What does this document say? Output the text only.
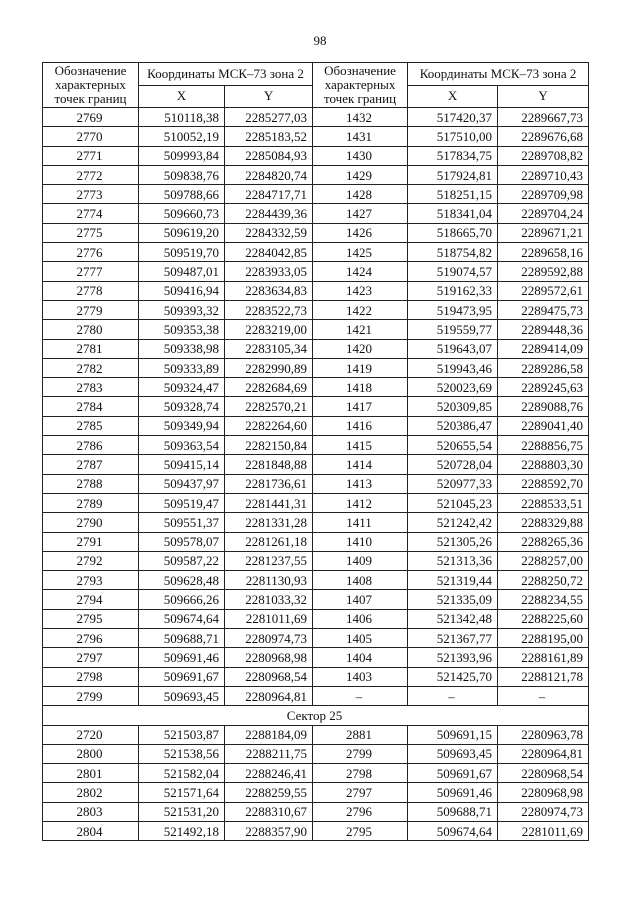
98
Обозначение характерных точек границ	Координаты МСК–73 зона 2		Обозначение характерных точек границ	Координаты МСК–73 зона 2	
	X	Y		X	Y
2769	510118,38	2285277,03	1432	517420,37	2289667,73
2770	510052,19	2285183,52	1431	517510,00	2289676,68
2771	509993,84	2285084,93	1430	517834,75	2289708,82
2772	509838,76	2284820,74	1429	517924,81	2289710,43
2773	509788,66	2284717,71	1428	518251,15	2289709,98
2774	509660,73	2284439,36	1427	518341,04	2289704,24
2775	509619,20	2284332,59	1426	518665,70	2289671,21
2776	509519,70	2284042,85	1425	518754,82	2289658,16
2777	509487,01	2283933,05	1424	519074,57	2289592,88
2778	509416,94	2283634,83	1423	519162,33	2289572,61
2779	509393,32	2283522,73	1422	519473,95	2289475,73
2780	509353,38	2283219,00	1421	519559,77	2289448,36
2781	509338,98	2283105,34	1420	519643,07	2289414,09
2782	509333,89	2282990,89	1419	519943,46	2289286,58
2783	509324,47	2282684,69	1418	520023,69	2289245,63
2784	509328,74	2282570,21	1417	520309,85	2289088,76
2785	509349,94	2282264,60	1416	520386,47	2289041,40
2786	509363,54	2282150,84	1415	520655,54	2288856,75
2787	509415,14	2281848,88	1414	520728,04	2288803,30
2788	509437,97	2281736,61	1413	520977,33	2288592,70
2789	509519,47	2281441,31	1412	521045,23	2288533,51
2790	509551,37	2281331,28	1411	521242,42	2288329,88
2791	509578,07	2281261,18	1410	521305,26	2288265,36
2792	509587,22	2281237,55	1409	521313,36	2288257,00
2793	509628,48	2281130,93	1408	521319,44	2288250,72
2794	509666,26	2281033,32	1407	521335,09	2288234,55
2795	509674,64	2281011,69	1406	521342,48	2288225,60
2796	509688,71	2280974,73	1405	521367,77	2288195,00
2797	509691,46	2280968,98	1404	521393,96	2288161,89
2798	509691,67	2280968,54	1403	521425,70	2288121,78
2799	509693,45	2280964,81	–	–	–
Сектор 25					
2720	521503,87	2288184,09	2881	509691,15	2280963,78
2800	521538,56	2288211,75	2799	509693,45	2280964,81
2801	521582,04	2288246,41	2798	509691,67	2280968,54
2802	521571,64	2288259,55	2797	509691,46	2280968,98
2803	521531,20	2288310,67	2796	509688,71	2280974,73
2804	521492,18	2288357,90	2795	509674,64	2281011,69
